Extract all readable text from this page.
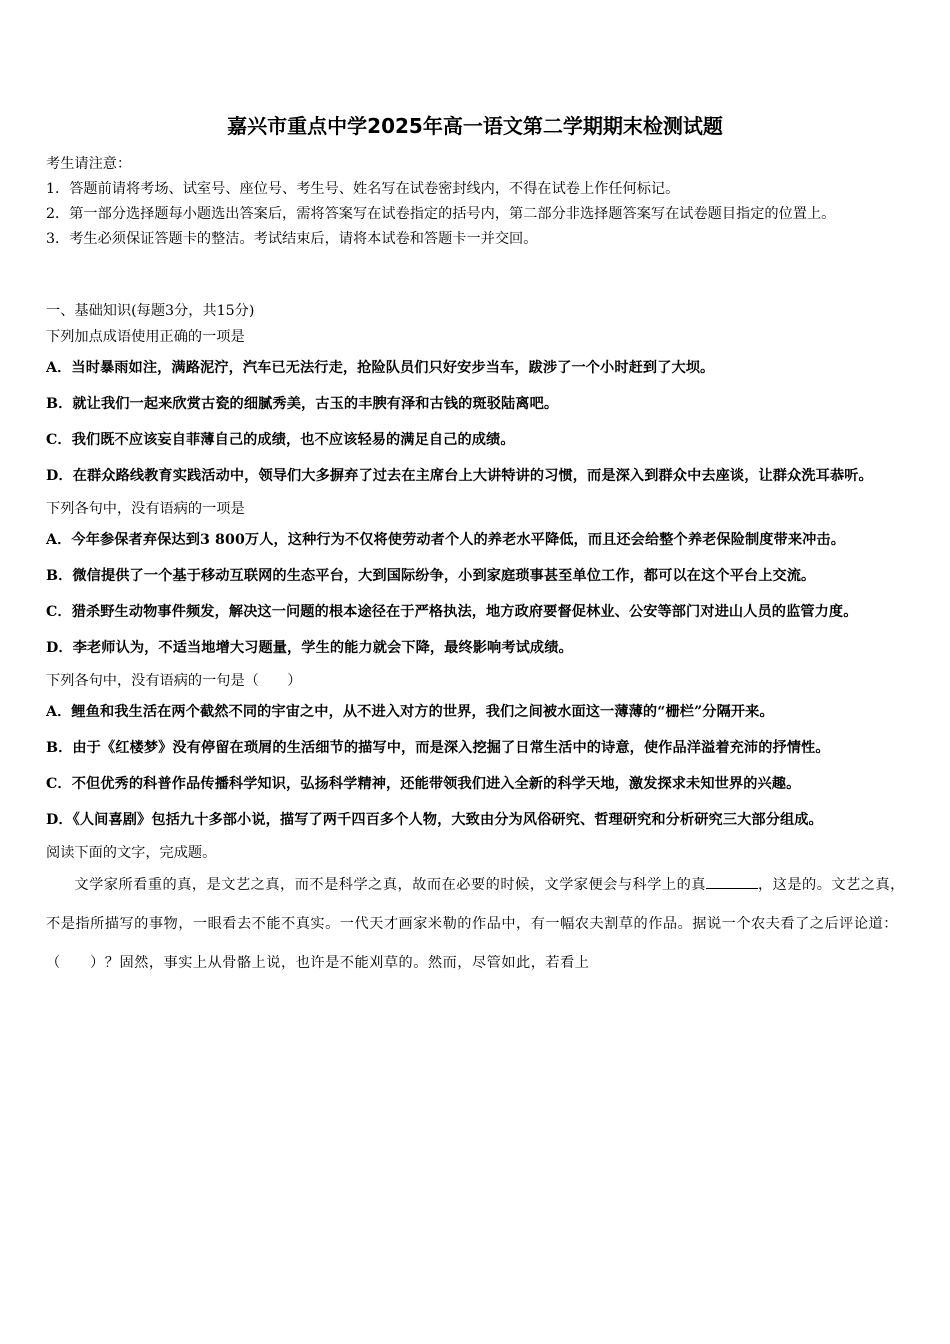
嘉兴市重点中学2025年高一语文第二学期期末检测试题

考生请注意：

1．答题前请将考场、试室号、座位号、考生号、姓名写在试卷密封线内，不得在试卷上作任何标记。

2．第一部分选择题每小题选出答案后，需将答案写在试卷指定的括号内，第二部分非选择题答案写在试卷题目指定的位置上。

3．考生必须保证答题卡的整洁。考试结束后，请将本试卷和答题卡一并交回。

一、基础知识(每题3分，共15分)

下列加点成语使用正确的一项是

A．当时暴雨如注，满路泥泞，汽车已无法行走，抢险队员们只好安步当车，跋涉了一个小时赶到了大坝。

B．就让我们一起来欣赏古瓷的细腻秀美，古玉的丰腴有泽和古钱的斑驳陆离吧。

C．我们既不应该妄自菲薄自己的成绩，也不应该轻易的满足自己的成绩。

D．在群众路线教育实践活动中，领导们大多摒弃了过去在主席台上大讲特讲的习惯，而是深入到群众中去座谈，让群众洗耳恭听。

下列各句中，没有语病的一项是

A．今年参保者弃保达到3 800万人，这种行为不仅将使劳动者个人的养老水平降低，而且还会给整个养老保险制度带来冲击。

B．微信提供了一个基于移动互联网的生态平台，大到国际纷争，小到家庭琐事甚至单位工作，都可以在这个平台上交流。

C．猎杀野生动物事件频发，解决这一问题的根本途径在于严格执法，地方政府要督促林业、公安等部门对进山人员的监管力度。

D．李老师认为，不适当地增大习题量，学生的能力就会下降，最终影响考试成绩。

下列各句中，没有语病的一句是（　　）

A．鲤鱼和我生活在两个截然不同的宇宙之中，从不进入对方的世界，我们之间被水面这一薄薄的“栅栏”分隔开来。

B．由于《红楼梦》没有停留在琐屑的生活细节的描写中，而是深入挖掘了日常生活中的诗意，使作品洋溢着充沛的抒情性。

C．不但优秀的科普作品传播科学知识，弘扬科学精神，还能带领我们进入全新的科学天地，激发探求未知世界的兴趣。

D．《人间喜剧》包括九十多部小说，描写了两千四百多个人物，大致由分为风俗研究、哲理研究和分析研究三大部分组成。

阅读下面的文字，完成题。

文学家所看重的真，是文艺之真，而不是科学之真，故而在必要的时候，文学家便会与科学上的真	，这是的。文艺之真，不是指所描写的事物，一眼看去不能不真实。一代天才画家米勒的作品中，有一幅农夫割草的作品。据说一个农夫看了之后评论道：（　　）？固然，事实上从骨骼上说，也许是不能刈草的。然而，尽管如此，若看上
